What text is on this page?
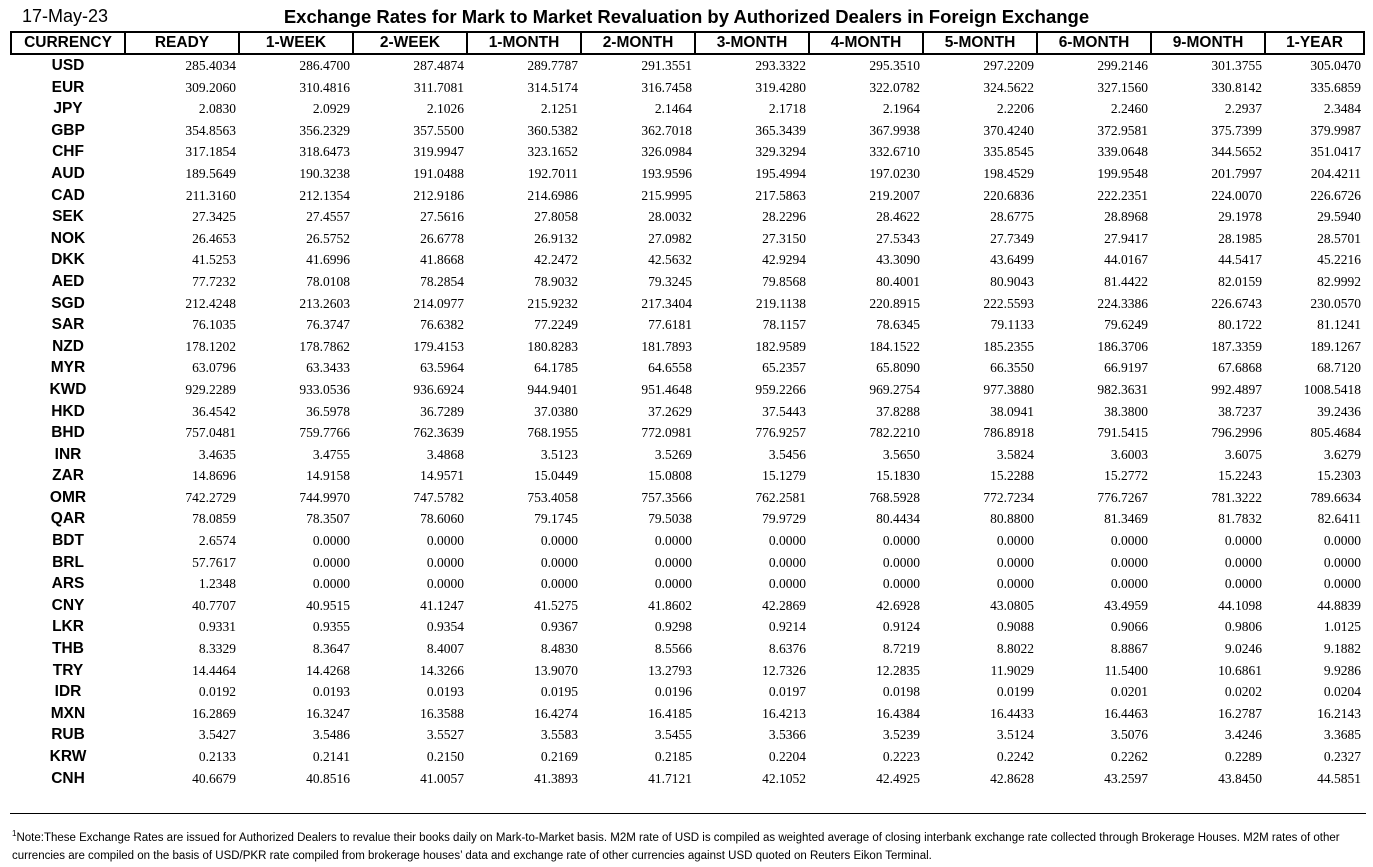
17-May-23	Exchange Rates for Mark to Market Revaluation by Authorized Dealers in Foreign Exchange
CURRENCY	READY	1-WEEK	2-WEEK	1-MONTH	2-MONTH	3-MONTH	4-MONTH	5-MONTH	6-MONTH	9-MONTH	1-YEAR
USD	285.4034	286.4700	287.4874	289.7787	291.3551	293.3322	295.3510	297.2209	299.2146	301.3755	305.0470
EUR	309.2060	310.4816	311.7081	314.5174	316.7458	319.4280	322.0782	324.5622	327.1560	330.8142	335.6859
JPY	2.0830	2.0929	2.1026	2.1251	2.1464	2.1718	2.1964	2.2206	2.2460	2.2937	2.3484
GBP	354.8563	356.2329	357.5500	360.5382	362.7018	365.3439	367.9938	370.4240	372.9581	375.7399	379.9987
CHF	317.1854	318.6473	319.9947	323.1652	326.0984	329.3294	332.6710	335.8545	339.0648	344.5652	351.0417
AUD	189.5649	190.3238	191.0488	192.7011	193.9596	195.4994	197.0230	198.4529	199.9548	201.7997	204.4211
CAD	211.3160	212.1354	212.9186	214.6986	215.9995	217.5863	219.2007	220.6836	222.2351	224.0070	226.6726
SEK	27.3425	27.4557	27.5616	27.8058	28.0032	28.2296	28.4622	28.6775	28.8968	29.1978	29.5940
NOK	26.4653	26.5752	26.6778	26.9132	27.0982	27.3150	27.5343	27.7349	27.9417	28.1985	28.5701
DKK	41.5253	41.6996	41.8668	42.2472	42.5632	42.9294	43.3090	43.6499	44.0167	44.5417	45.2216
AED	77.7232	78.0108	78.2854	78.9032	79.3245	79.8568	80.4001	80.9043	81.4422	82.0159	82.9992
SGD	212.4248	213.2603	214.0977	215.9232	217.3404	219.1138	220.8915	222.5593	224.3386	226.6743	230.0570
SAR	76.1035	76.3747	76.6382	77.2249	77.6181	78.1157	78.6345	79.1133	79.6249	80.1722	81.1241
NZD	178.1202	178.7862	179.4153	180.8283	181.7893	182.9589	184.1522	185.2355	186.3706	187.3359	189.1267
MYR	63.0796	63.3433	63.5964	64.1785	64.6558	65.2357	65.8090	66.3550	66.9197	67.6868	68.7120
KWD	929.2289	933.0536	936.6924	944.9401	951.4648	959.2266	969.2754	977.3880	982.3631	992.4897	1008.5418
HKD	36.4542	36.5978	36.7289	37.0380	37.2629	37.5443	37.8288	38.0941	38.3800	38.7237	39.2436
BHD	757.0481	759.7766	762.3639	768.1955	772.0981	776.9257	782.2210	786.8918	791.5415	796.2996	805.4684
INR	3.4635	3.4755	3.4868	3.5123	3.5269	3.5456	3.5650	3.5824	3.6003	3.6075	3.6279
ZAR	14.8696	14.9158	14.9571	15.0449	15.0808	15.1279	15.1830	15.2288	15.2772	15.2243	15.2303
OMR	742.2729	744.9970	747.5782	753.4058	757.3566	762.2581	768.5928	772.7234	776.7267	781.3222	789.6634
QAR	78.0859	78.3507	78.6060	79.1745	79.5038	79.9729	80.4434	80.8800	81.3469	81.7832	82.6411
BDT	2.6574	0.0000	0.0000	0.0000	0.0000	0.0000	0.0000	0.0000	0.0000	0.0000	0.0000
BRL	57.7617	0.0000	0.0000	0.0000	0.0000	0.0000	0.0000	0.0000	0.0000	0.0000	0.0000
ARS	1.2348	0.0000	0.0000	0.0000	0.0000	0.0000	0.0000	0.0000	0.0000	0.0000	0.0000
CNY	40.7707	40.9515	41.1247	41.5275	41.8602	42.2869	42.6928	43.0805	43.4959	44.1098	44.8839
LKR	0.9331	0.9355	0.9354	0.9367	0.9298	0.9214	0.9124	0.9088	0.9066	0.9806	1.0125
THB	8.3329	8.3647	8.4007	8.4830	8.5566	8.6376	8.7219	8.8022	8.8867	9.0246	9.1882
TRY	14.4464	14.4268	14.3266	13.9070	13.2793	12.7326	12.2835	11.9029	11.5400	10.6861	9.9286
IDR	0.0192	0.0193	0.0193	0.0195	0.0196	0.0197	0.0198	0.0199	0.0201	0.0202	0.0204
MXN	16.2869	16.3247	16.3588	16.4274	16.4185	16.4213	16.4384	16.4433	16.4463	16.2787	16.2143
RUB	3.5427	3.5486	3.5527	3.5583	3.5455	3.5366	3.5239	3.5124	3.5076	3.4246	3.3685
KRW	0.2133	0.2141	0.2150	0.2169	0.2185	0.2204	0.2223	0.2242	0.2262	0.2289	0.2327
CNH	40.6679	40.8516	41.0057	41.3893	41.7121	42.1052	42.4925	42.8628	43.2597	43.8450	44.5851
$^1$Note:These Exchange Rates are issued for Authorized Dealers to revalue their books daily on Mark-to-Market basis. M2M rate of USD is compiled as weighted average of closing interbank exchange rate collected through Brokerage Houses. M2M rates of other currencies are compiled on the basis of USD/PKR rate compiled from brokerage houses’ data and exchange rate of other currencies against USD quoted on Reuters Eikon Terminal.
